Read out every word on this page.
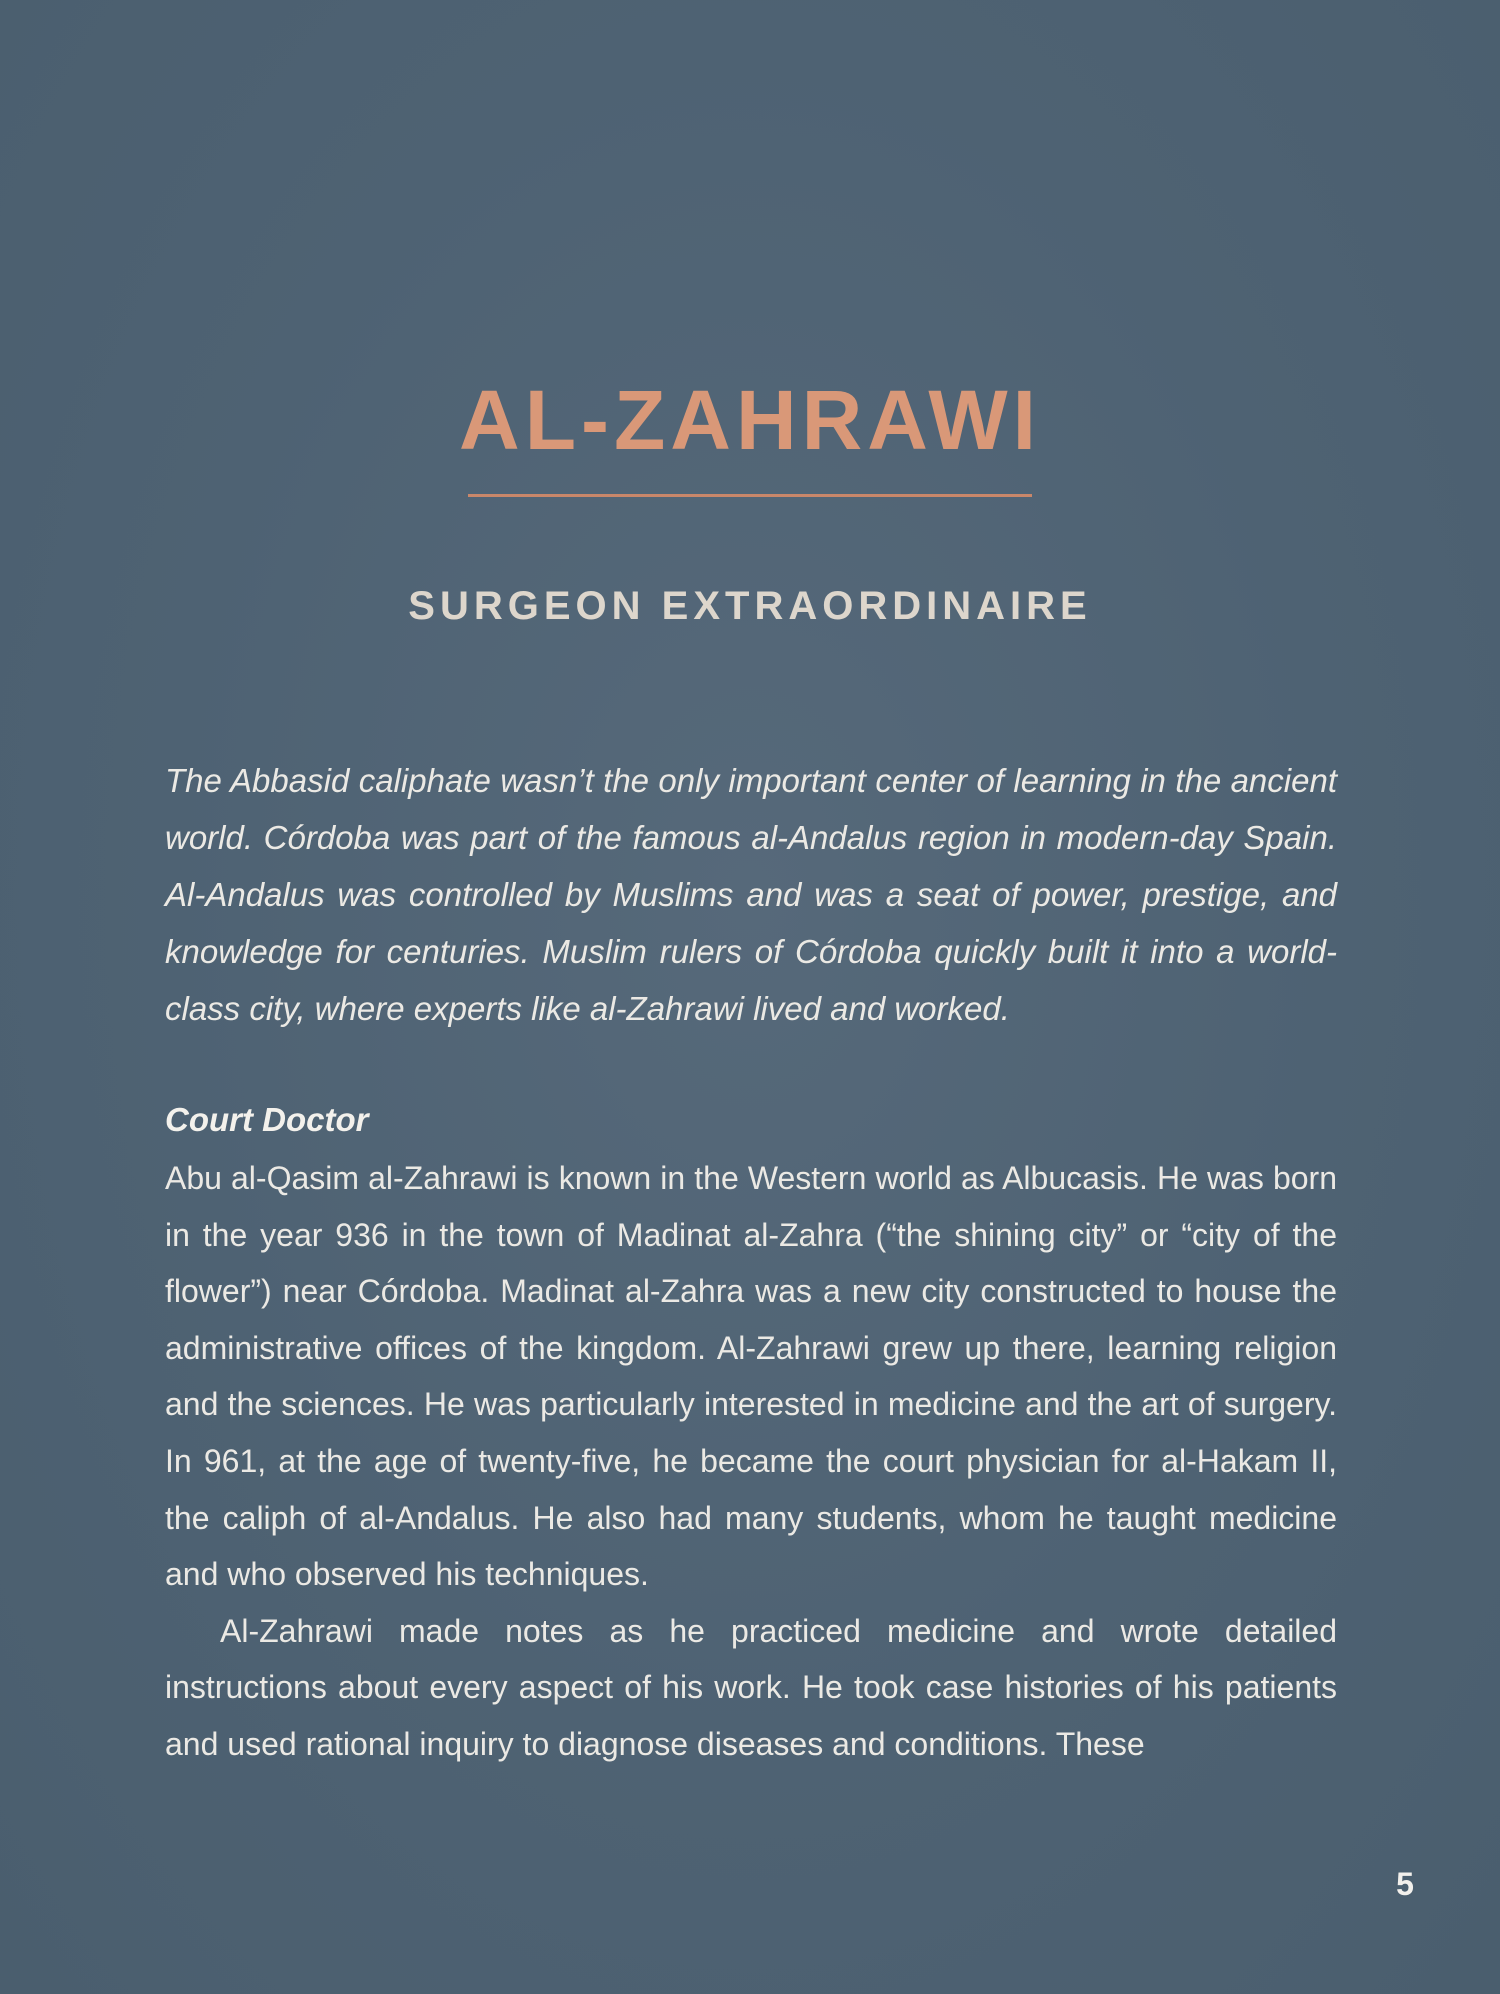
AL-ZAHRAWI
SURGEON EXTRAORDINAIRE

The Abbasid caliphate wasn’t the only important center of learning in the ancient world. Córdoba was part of the famous al-Andalus region in modern-day Spain. Al-Andalus was controlled by Muslims and was a seat of power, prestige, and knowledge for centuries. Muslim rulers of Córdoba quickly built it into a world-class city, where experts like al-Zahrawi lived and worked.

Court Doctor

Abu al-Qasim al-Zahrawi is known in the Western world as Albucasis. He was born in the year 936 in the town of Madinat al-Zahra (“the shining city” or “city of the flower”) near Córdoba. Madinat al-Zahra was a new city constructed to house the administrative offices of the kingdom. Al-Zahrawi grew up there, learning religion and the sciences. He was particularly interested in medicine and the art of surgery. In 961, at the age of twenty-five, he became the court physician for al-Hakam II, the caliph of al-Andalus. He also had many students, whom he taught medicine and who observed his techniques.

Al-Zahrawi made notes as he practiced medicine and wrote detailed instructions about every aspect of his work. He took case histories of his patients and used rational inquiry to diagnose diseases and conditions. These

5
